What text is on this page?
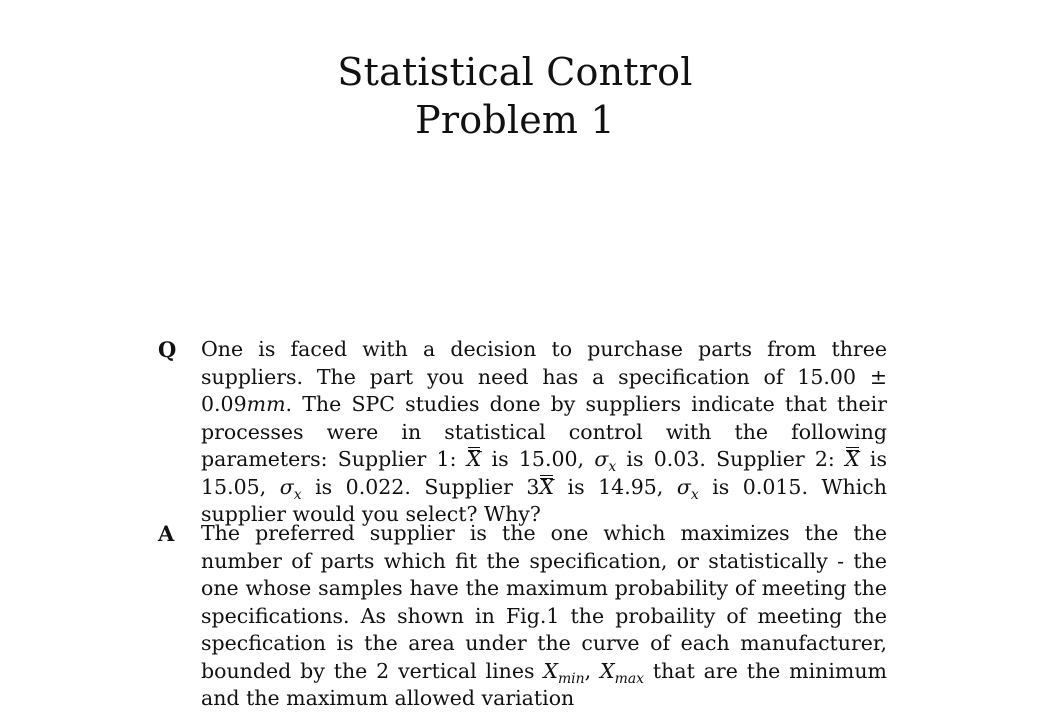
Statistical Control
Problem 1
Q One is faced with a decision to purchase parts from three suppliers. The part you need has a specification of 15.00 ± 0.09mm. The SPC studies done by suppliers indicate that their processes were in statistical control with the following parameters: Supplier 1: X is 15.00, $\sigma_x$ is 0.03. Supplier 2: X is 15.05, $\sigma_x$ is 0.022. Supplier 3X is 14.95, $\sigma_x$ is 0.015. Which supplier would you select? Why?
A The preferred supplier is the one which maximizes the the number of parts which fit the specification, or statistically - the one whose samples have the maximum probability of meeting the specifications. As shown in Fig.1 the probaility of meeting the specfication is the area under the curve of each manufacturer, bounded by the 2 vertical lines $X_{min}$, $X_{max}$ that are the minimum and the maximum allowed variation
